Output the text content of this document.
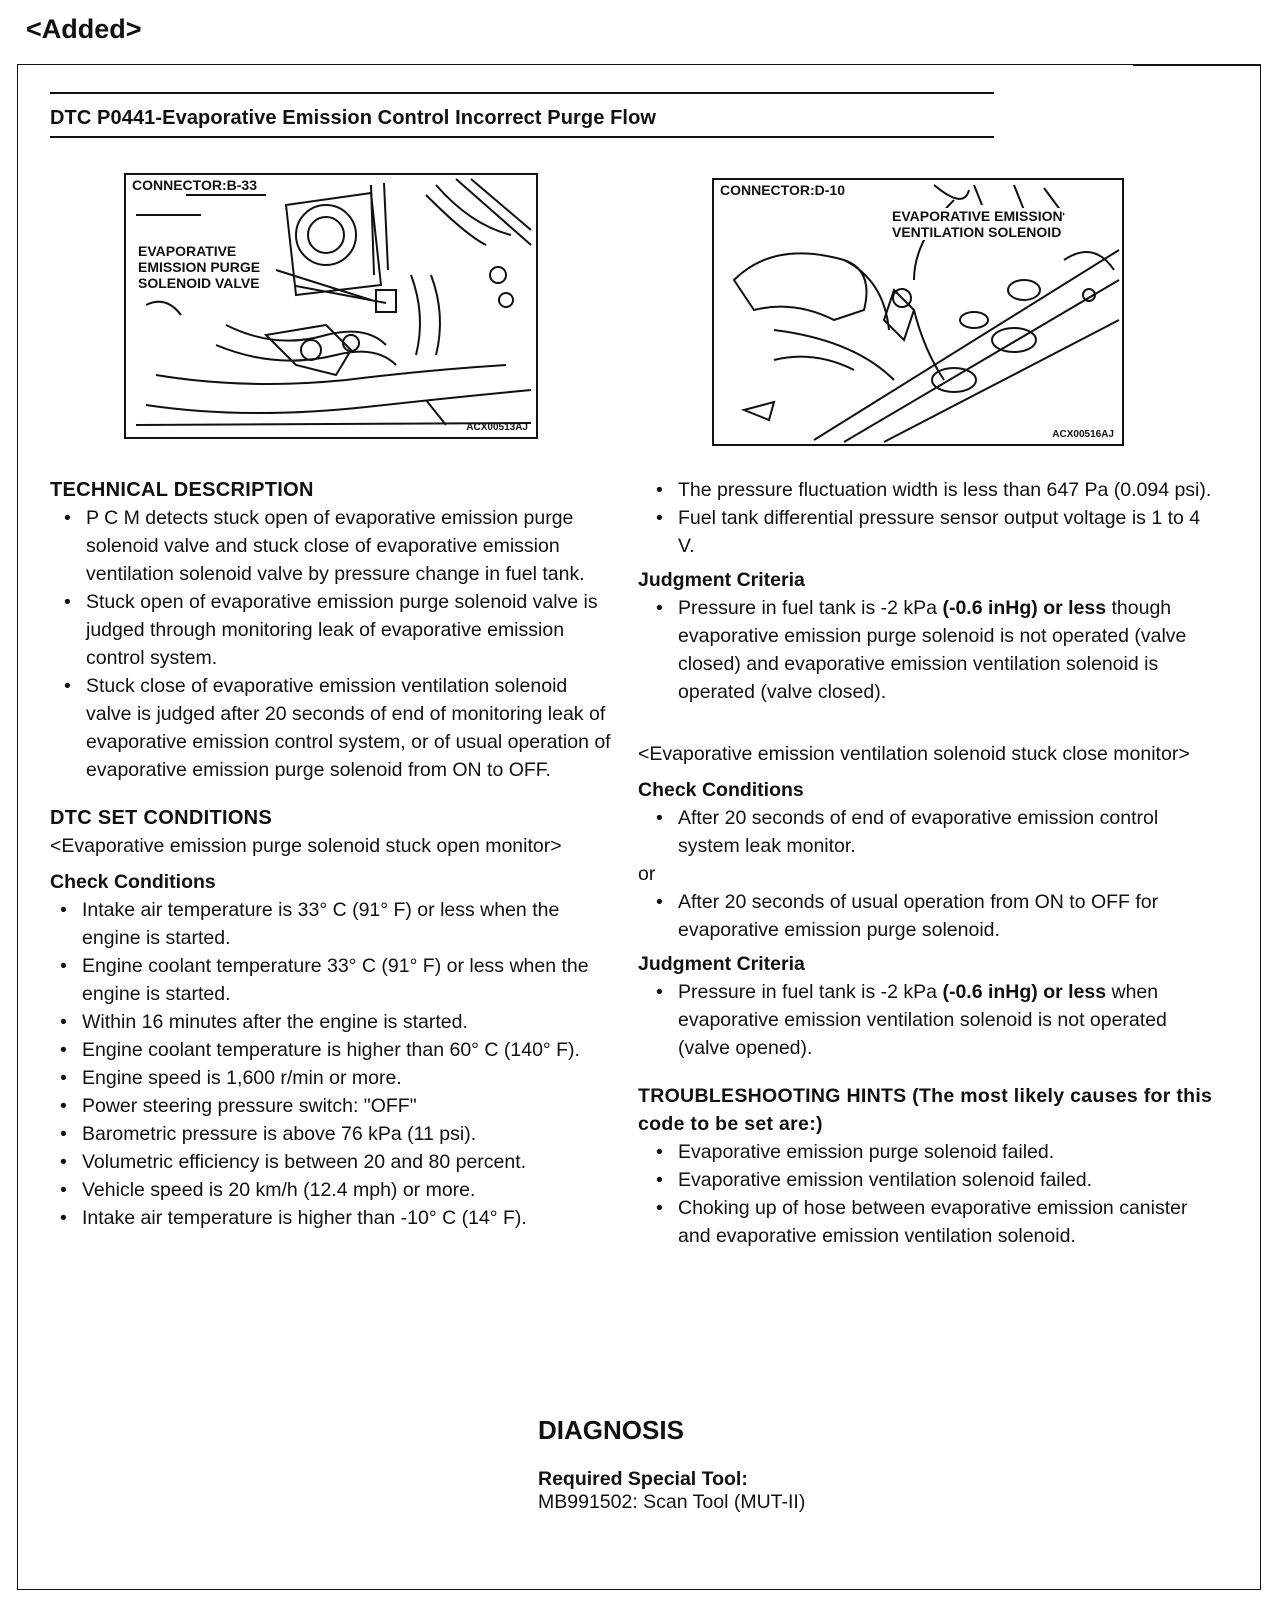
<Added>
DTC P0441-Evaporative Emission Control Incorrect Purge Flow
CONNECTOR:B-33
EVAPORATIVE
EMISSION PURGE
SOLENOID VALVE
ACX00513AJ
CONNECTOR:D-10
EVAPORATIVE EMISSION
VENTILATION SOLENOID
ACX00516AJ
TECHNICAL DESCRIPTION
• P C M detects stuck open of evaporative emission purge solenoid valve and stuck close of evaporative emission ventilation solenoid valve by pressure change in fuel tank.
• Stuck open of evaporative emission purge solenoid valve is judged through monitoring leak of evaporative emission control system.
• Stuck close of evaporative emission ventilation solenoid valve is judged after 20 seconds of end of monitoring leak of evaporative emission control system, or of usual operation of evaporative emission purge solenoid from ON to OFF.
DTC SET CONDITIONS

<Evaporative emission purge solenoid stuck open monitor>

Check Conditions
• Intake air temperature is 33° C (91° F) or less when the engine is started.
• Engine coolant temperature 33° C (91° F) or less when the engine is started.
• Within 16 minutes after the engine is started.
• Engine coolant temperature is higher than 60° C (140° F).
• Engine speed is 1,600 r/min or more.
• Power steering pressure switch: "OFF"
• Barometric pressure is above 76 kPa (11 psi).
• Volumetric efficiency is between 20 and 80 percent.
• Vehicle speed is 20 km/h (12.4 mph) or more.
• Intake air temperature is higher than -10° C (14° F).
• The pressure fluctuation width is less than 647 Pa (0.094 psi).
• Fuel tank differential pressure sensor output voltage is 1 to 4 V.
Judgment Criteria
• Pressure in fuel tank is -2 kPa (-0.6 inHg) or less though evaporative emission purge solenoid is not operated (valve closed) and evaporative emission ventilation solenoid is operated (valve closed).

<Evaporative emission ventilation solenoid stuck close monitor>

Check Conditions
• After 20 seconds of end of evaporative emission control system leak monitor.

or

• After 20 seconds of usual operation from ON to OFF for evaporative emission purge solenoid.
Judgment Criteria
• Pressure in fuel tank is -2 kPa (-0.6 inHg) or less when evaporative emission ventilation solenoid is not operated (valve opened).
TROUBLESHOOTING HINTS (The most likely causes for this code to be set are:)
• Evaporative emission purge solenoid failed.
• Evaporative emission ventilation solenoid failed.
• Choking up of hose between evaporative emission canister and evaporative emission ventilation solenoid.
DIAGNOSIS
Required Special Tool:
MB991502: Scan Tool (MUT-II)
